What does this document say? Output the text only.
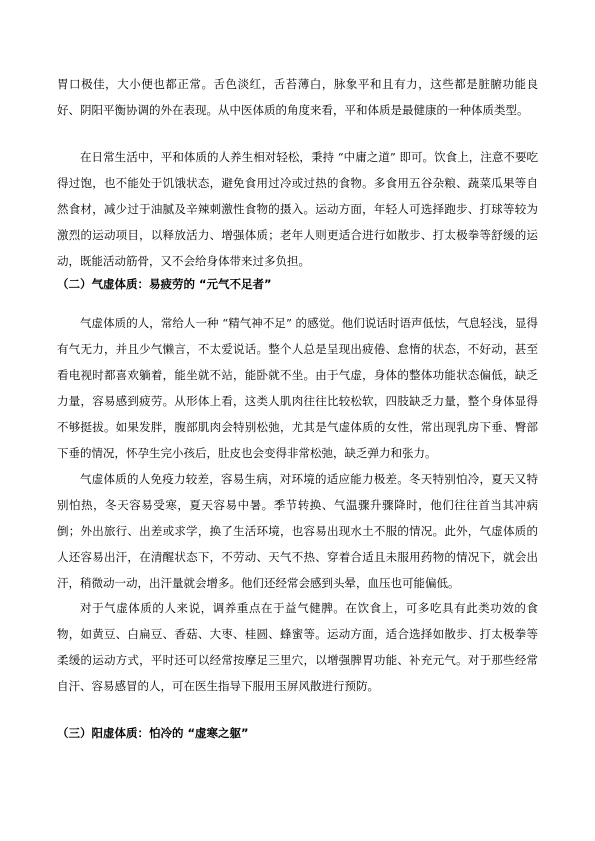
胃口极佳，大小便也都正常。舌色淡红，舌苔薄白，脉象平和且有力，这些都是脏腑功能良好、阴阳平衡协调的外在表现。从中医体质的角度来看，平和体质是最健康的一种体质类型。

在日常生活中，平和体质的人养生相对轻松，秉持 “中庸之道” 即可。饮食上，注意不要吃得过饱，也不能处于饥饿状态，避免食用过冷或过热的食物。多食用五谷杂粮、蔬菜瓜果等自然食材，减少过于油腻及辛辣刺激性食物的摄入。运动方面，年轻人可选择跑步、打球等较为激烈的运动项目，以释放活力、增强体质；老年人则更适合进行如散步、打太极拳等舒缓的运动，既能活动筋骨，又不会给身体带来过多负担。

（二）气虚体质：易疲劳的 “元气不足者”

气虚体质的人，常给人一种 “精气神不足” 的感觉。他们说话时语声低怯，气息轻浅，显得有气无力，并且少气懒言，不太爱说话。整个人总是呈现出疲倦、怠惰的状态，不好动，甚至看电视时都喜欢躺着，能坐就不站，能卧就不坐。由于气虚，身体的整体功能状态偏低，缺乏力量，容易感到疲劳。从形体上看，这类人肌肉往往比较松软，四肢缺乏力量，整个身体显得不够挺拔。如果发胖，腹部肌肉会特别松弛，尤其是气虚体质的女性，常出现乳房下垂、臀部下垂的情况，怀孕生完小孩后，肚皮也会变得非常松弛，缺乏弹力和张力。

气虚体质的人免疫力较差，容易生病，对环境的适应能力极差。冬天特别怕冷，夏天又特别怕热，冬天容易受寒，夏天容易中暑。季节转换、气温骤升骤降时，他们往往首当其冲病倒；外出旅行、出差或求学，换了生活环境，也容易出现水土不服的情况。此外，气虚体质的人还容易出汗，在清醒状态下，不劳动、天气不热、穿着合适且未服用药物的情况下，就会出汗，稍微动一动，出汗量就会增多。他们还经常会感到头晕，血压也可能偏低。

对于气虚体质的人来说，调养重点在于益气健脾。在饮食上，可多吃具有此类功效的食物，如黄豆、白扁豆、香菇、大枣、桂圆、蜂蜜等。运动方面，适合选择如散步、打太极拳等柔缓的运动方式，平时还可以经常按摩足三里穴，以增强脾胃功能、补充元气。对于那些经常自汗、容易感冒的人，可在医生指导下服用玉屏风散进行预防。

（三）阳虚体质：怕冷的 “虚寒之躯”
